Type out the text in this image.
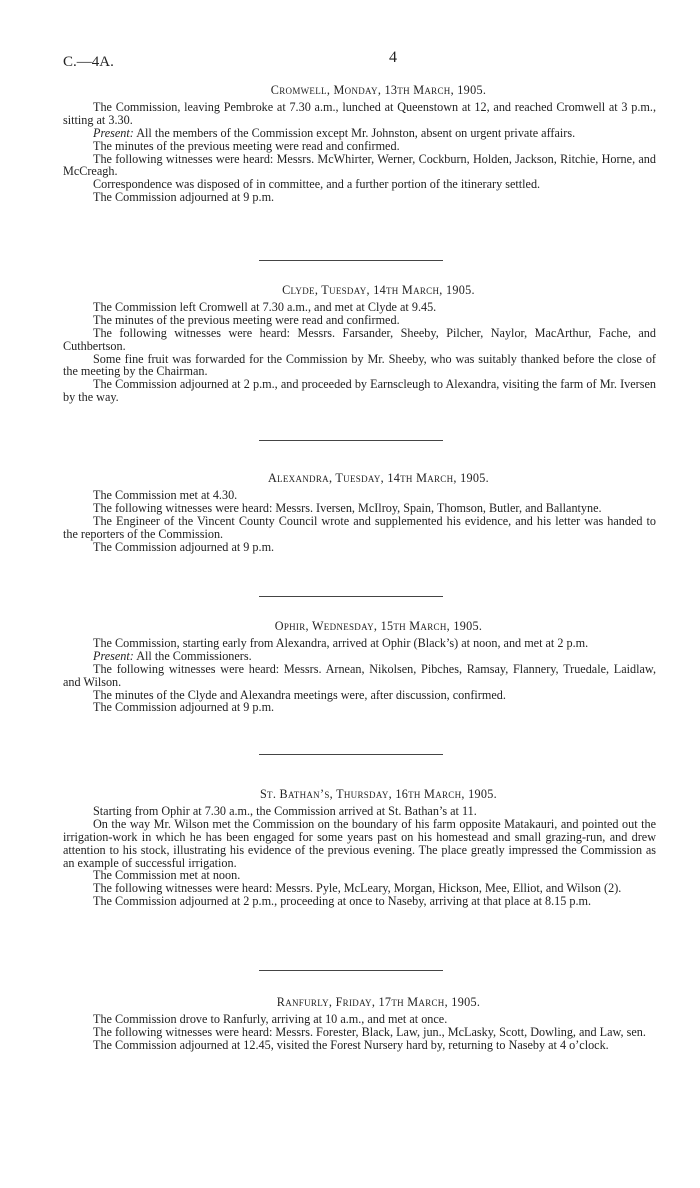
C.—4A.	4
Cromwell, Monday, 13th March, 1905.

The Commission, leaving Pembroke at 7.30 a.m., lunched at Queenstown at 12, and reached Cromwell at 3 p.m., sitting at 3.30.

Present: All the members of the Commission except Mr. Johnston, absent on urgent private affairs.

The minutes of the previous meeting were read and confirmed.

The following witnesses were heard: Messrs. McWhirter, Werner, Cockburn, Holden, Jackson, Ritchie, Horne, and McCreagh.

Correspondence was disposed of in committee, and a further portion of the itinerary settled.

The Commission adjourned at 9 p.m.

Clyde, Tuesday, 14th March, 1905.

The Commission left Cromwell at 7.30 a.m., and met at Clyde at 9.45.

The minutes of the previous meeting were read and confirmed.

The following witnesses were heard: Messrs. Farsander, Sheeby, Pilcher, Naylor, MacArthur, Fache, and Cuthbertson.

Some fine fruit was forwarded for the Commission by Mr. Sheeby, who was suitably thanked before the close of the meeting by the Chairman.

The Commission adjourned at 2 p.m., and proceeded by Earnscleugh to Alexandra, visiting the farm of Mr. Iversen by the way.

Alexandra, Tuesday, 14th March, 1905.

The Commission met at 4.30.

The following witnesses were heard: Messrs. Iversen, McIlroy, Spain, Thomson, Butler, and Ballantyne.

The Engineer of the Vincent County Council wrote and supplemented his evidence, and his letter was handed to the reporters of the Commission.

The Commission adjourned at 9 p.m.

Ophir, Wednesday, 15th March, 1905.

The Commission, starting early from Alexandra, arrived at Ophir (Black’s) at noon, and met at 2 p.m.

Present: All the Commissioners.

The following witnesses were heard: Messrs. Arnean, Nikolsen, Pibches, Ramsay, Flannery, Truedale, Laidlaw, and Wilson.

The minutes of the Clyde and Alexandra meetings were, after discussion, confirmed.

The Commission adjourned at 9 p.m.

St. Bathan’s, Thursday, 16th March, 1905.

Starting from Ophir at 7.30 a.m., the Commission arrived at St. Bathan’s at 11.

On the way Mr. Wilson met the Commission on the boundary of his farm opposite Matakauri, and pointed out the irrigation-work in which he has been engaged for some years past on his homestead and small grazing-run, and drew attention to his stock, illustrating his evidence of the previous evening. The place greatly impressed the Commission as an example of successful irrigation.

The Commission met at noon.

The following witnesses were heard: Messrs. Pyle, McLeary, Morgan, Hickson, Mee, Elliot, and Wilson (2).

The Commission adjourned at 2 p.m., proceeding at once to Naseby, arriving at that place at 8.15 p.m.

Ranfurly, Friday, 17th March, 1905.

The Commission drove to Ranfurly, arriving at 10 a.m., and met at once.

The following witnesses were heard: Messrs. Forester, Black, Law, jun., McLasky, Scott, Dowling, and Law, sen.

The Commission adjourned at 12.45, visited the Forest Nursery hard by, returning to Naseby at 4 o’clock.
